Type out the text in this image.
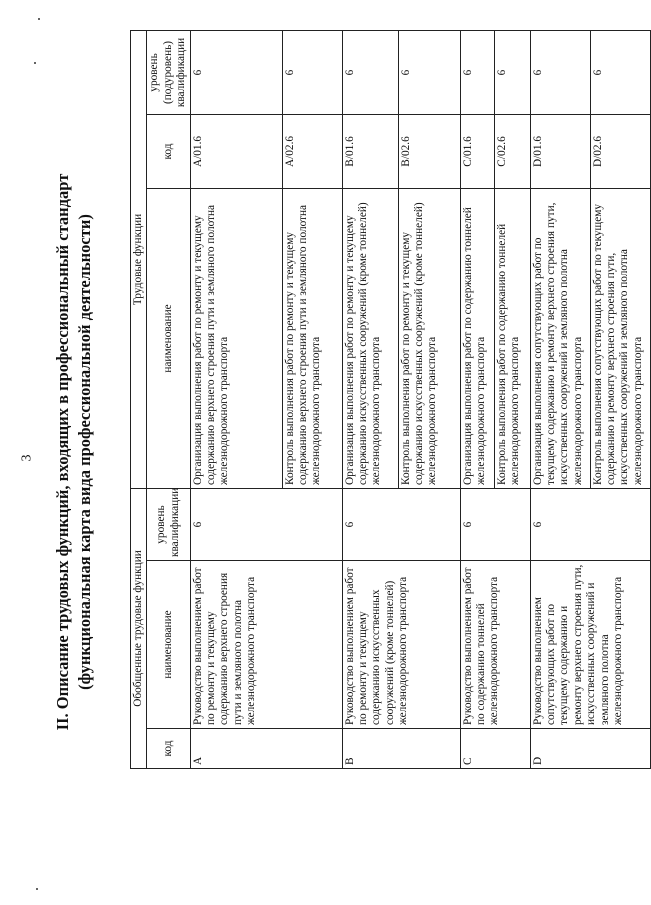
3 II. Описание трудовых функций, входящих в профессиональный стандарт (функциональная карта вида профессиональной деятельности)	Обобщенные трудовые функции			Трудовые функции		
код	наименование	уровень квалификации	наименование	код	уровень (подуровень) квалификации
A	Руководство выполнением работ по ремонту и текущему содержанию верхнего строения пути и земляного полотна железнодорожного транспорта	6	Организация выполнения работ по ремонту и текущему содержанию верхнего строения пути и земляного полотна железнодорожного транспорта	A/01.6	6
			Контроль выполнения работ по ремонту и текущему содержанию верхнего строения пути и земляного полотна железнодорожного транспорта	A/02.6	6
B	Руководство выполнением работ по ремонту и текущему содержанию искусственных сооружений (кроме тоннелей) железнодорожного транспорта	6	Организация выполнения работ по ремонту и текущему содержанию искусственных сооружений (кроме тоннелей) железнодорожного транспорта	B/01.6	6
			Контроль выполнения работ по ремонту и текущему содержанию искусственных сооружений (кроме тоннелей) железнодорожного транспорта	B/02.6	6
C	Руководство выполнением работ по содержанию тоннелей железнодорожного транспорта	6	Организация выполнения работ по содержанию тоннелей железнодорожного транспорта	C/01.6	6
			Контроль выполнения работ по содержанию тоннелей железнодорожного транспорта	C/02.6	6
D	Руководство выполнением сопутствующих работ по текущему содержанию и ремонту верхнего строения пути, искусственных сооружений и земляного полотна железнодорожного транспорта	6	Организация выполнения сопутствующих работ по текущему содержанию и ремонту верхнего строения пути, искусственных сооружений и земляного полотна железнодорожного транспорта	D/01.6	6
			Контроль выполнения сопутствующих работ по текущему содержанию и ремонту верхнего строения пути, искусственных сооружений и земляного полотна железнодорожного транспорта	D/02.6	6
